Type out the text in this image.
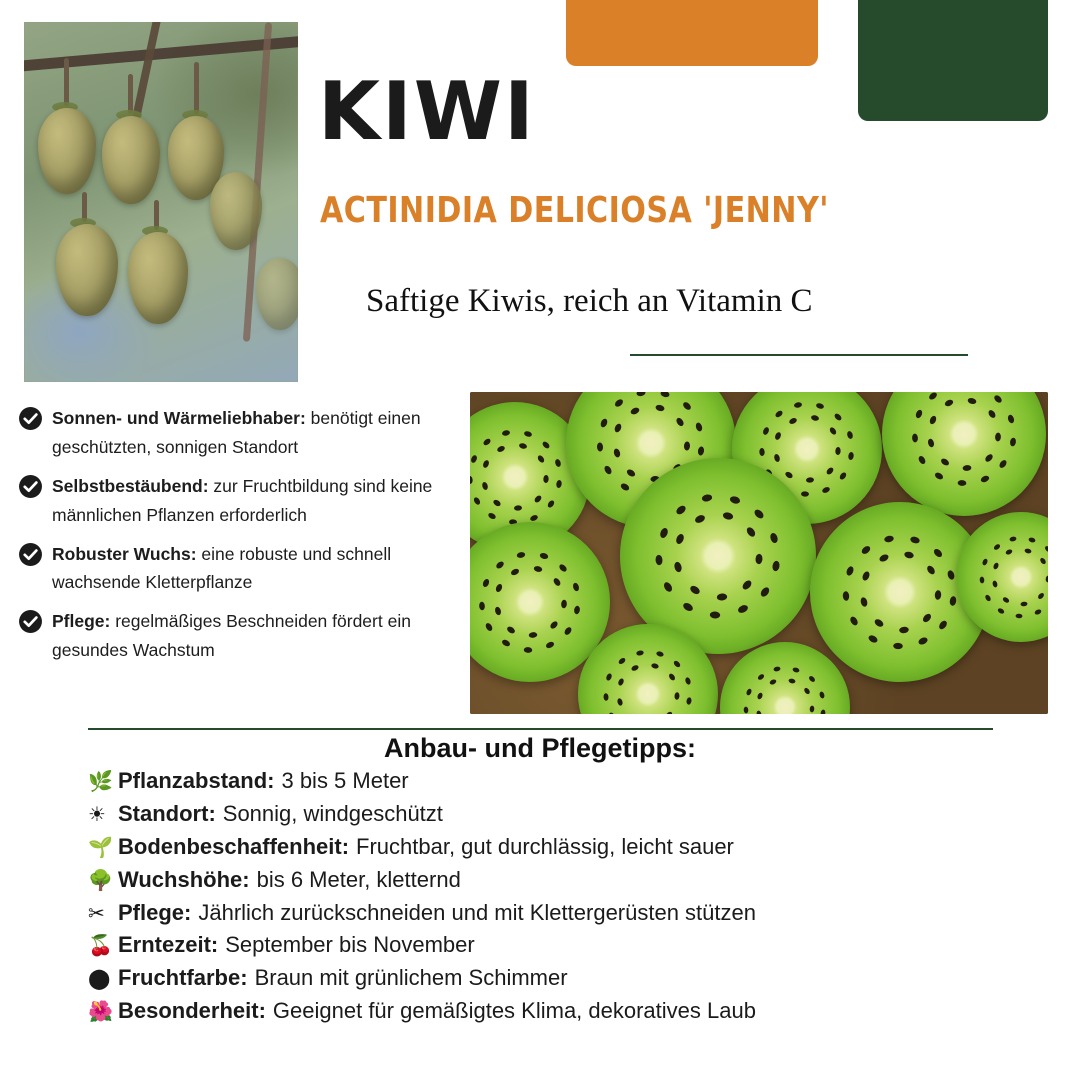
KIWI
ACTINIDIA DELICIOSA 'JENNY'
Saftige Kiwis, reich an Vitamin C
Sonnen- und Wärmeliebhaber: benötigt einen geschützten, sonnigen Standort
Selbstbestäubend: zur Fruchtbildung sind keine männlichen Pflanzen erforderlich
Robuster Wuchs: eine robuste und schnell wachsende Kletterpflanze
Pflege: regelmäßiges Beschneiden fördert ein gesundes Wachstum
Anbau- und Pflegetipps:
🌿 Pflanzabstand: 3 bis 5 Meter
☀ Standort: Sonnig, windgeschützt
🌱 Bodenbeschaffenheit: Fruchtbar, gut durchlässig, leicht sauer
🌳 Wuchshöhe: bis 6 Meter, kletternd
✂ Pflege: Jährlich zurückschneiden und mit Klettergerüsten stützen
🍒 Erntezeit: September bis November
⬤ Fruchtfarbe: Braun mit grünlichem Schimmer
🌺 Besonderheit: Geeignet für gemäßigtes Klima, dekoratives Laub
